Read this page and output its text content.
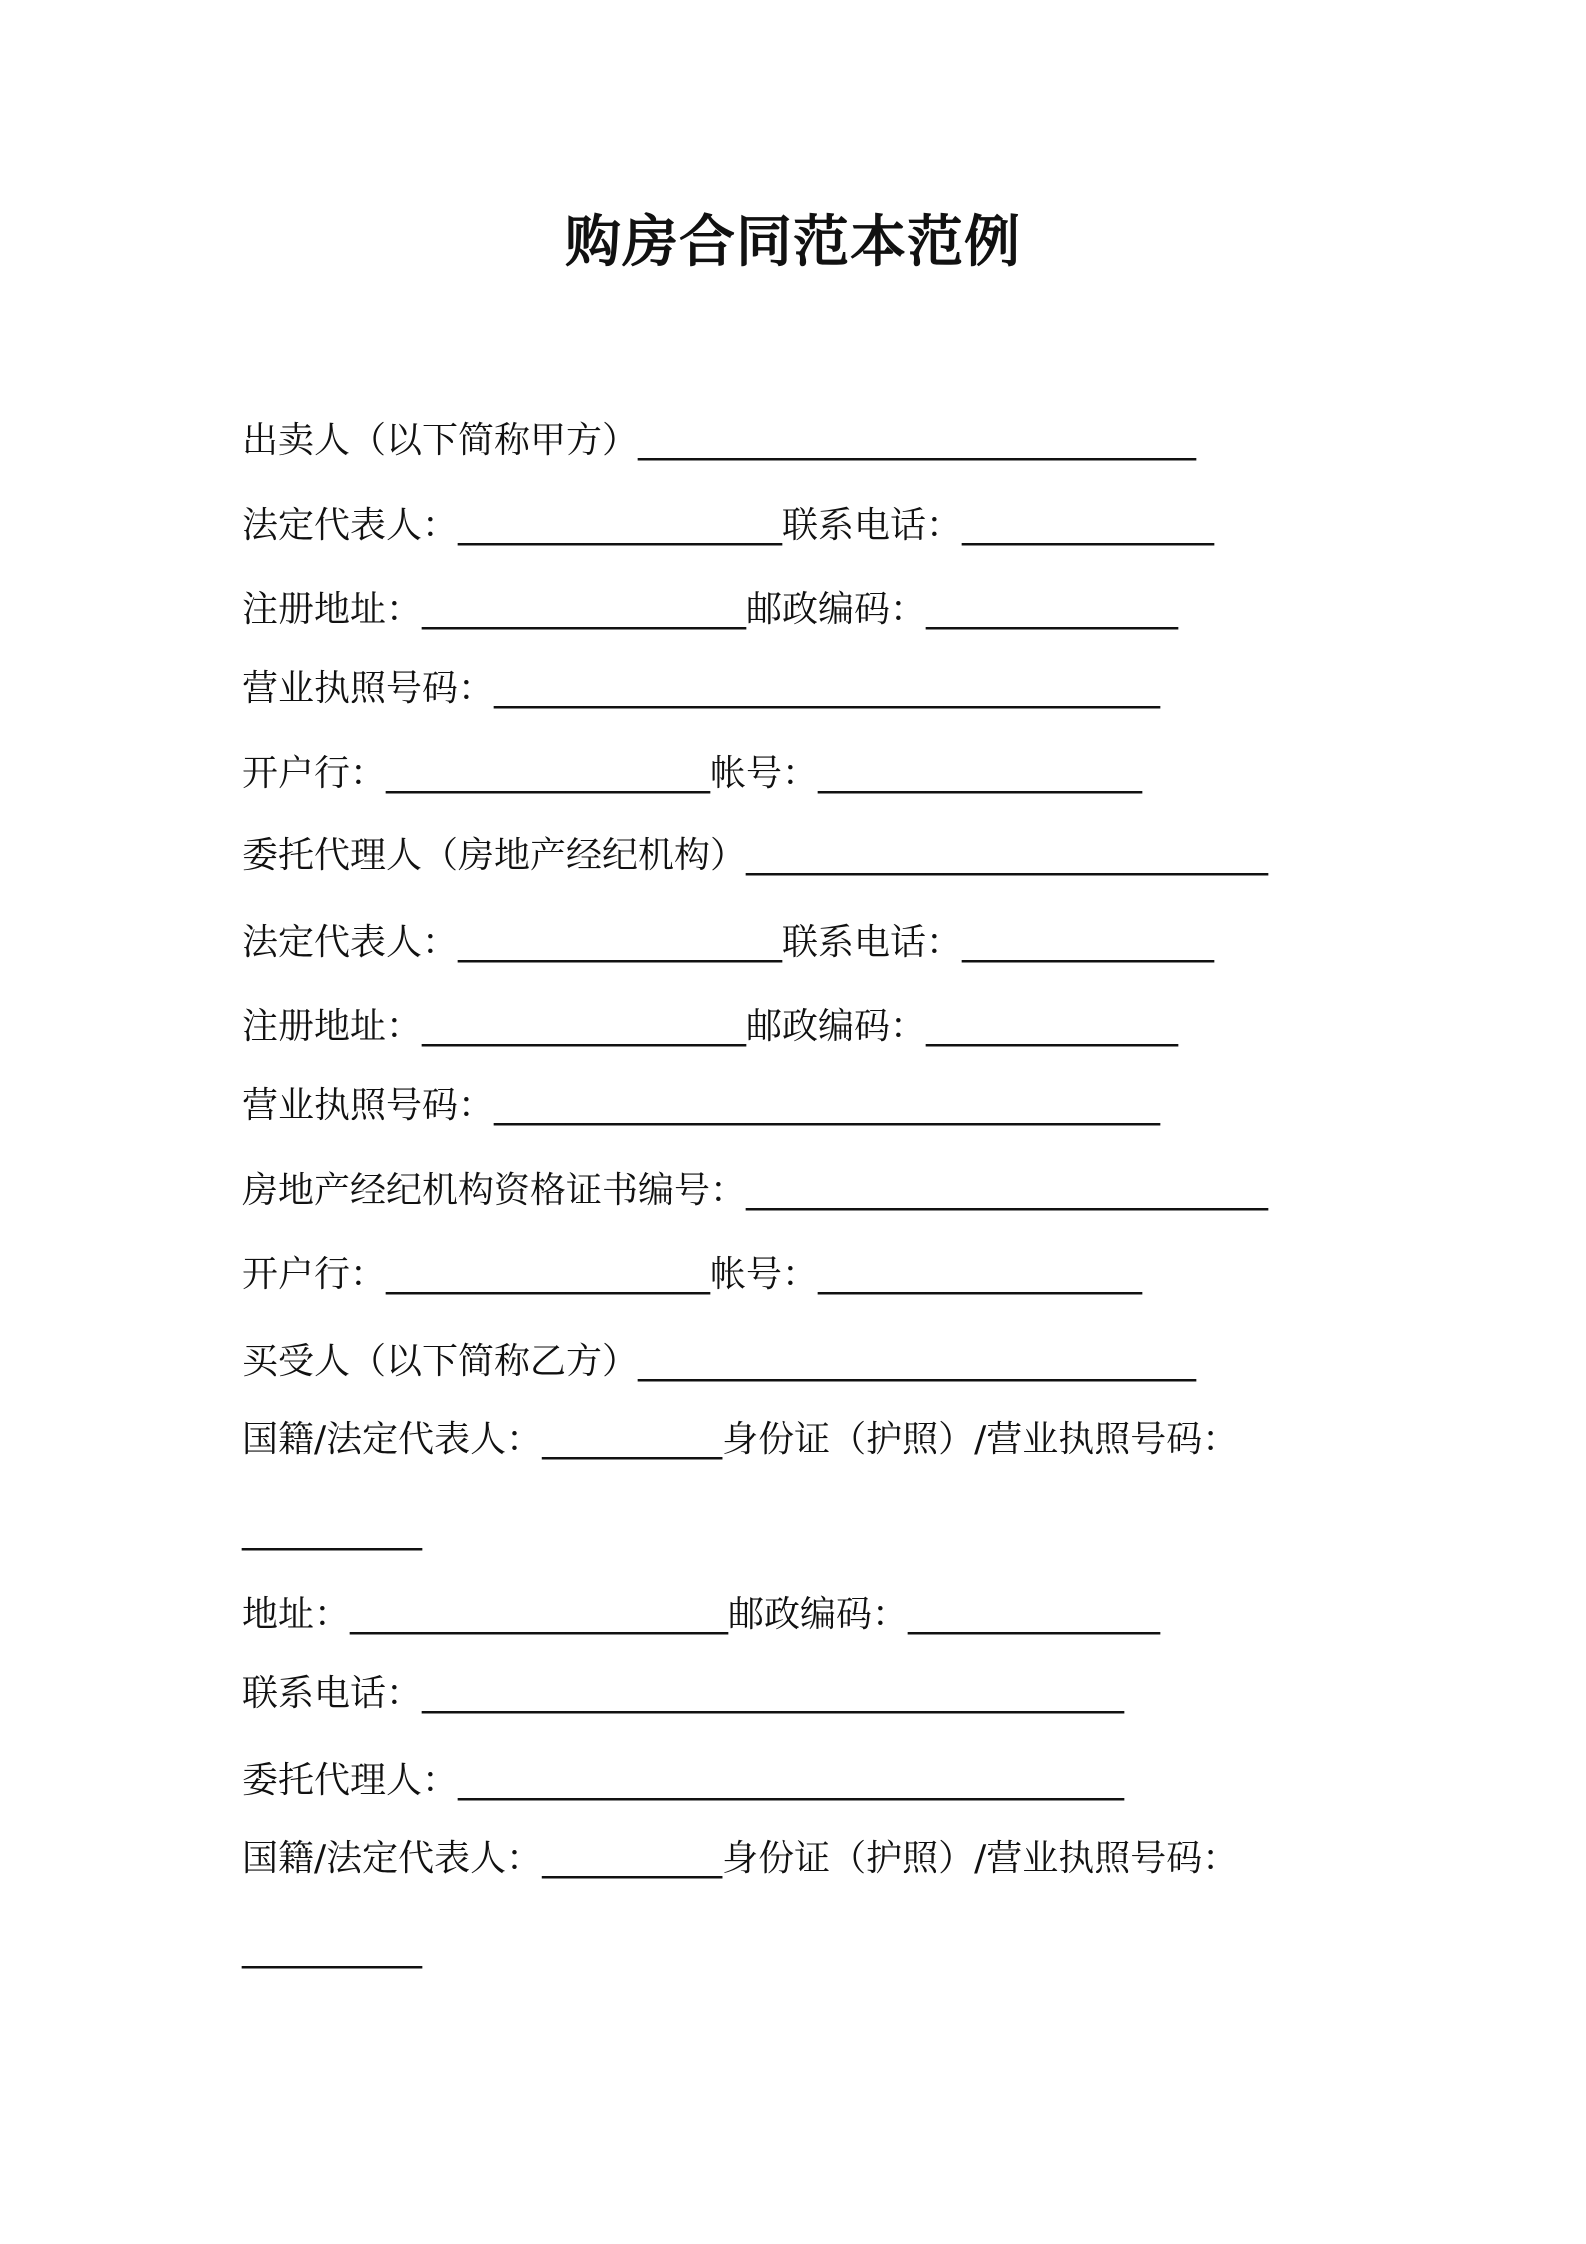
购房合同范本范例
出卖人（以下简称甲方）_______________________________
法定代表人：__________________联系电话：______________
注册地址：__________________邮政编码：______________
营业执照号码：_____________________________________
开户行：__________________帐号：__________________
委托代理人（房地产经纪机构）_____________________________
法定代表人：__________________联系电话：______________
注册地址：__________________邮政编码：______________
营业执照号码：_____________________________________
房地产经纪机构资格证书编号：_____________________________
开户行：__________________帐号：__________________
买受人（以下简称乙方）_______________________________
国籍/法定代表人：__________身份证（护照）/营业执照号码：
__________
地址：_____________________邮政编码：______________
联系电话：_______________________________________
委托代理人：_____________________________________
国籍/法定代表人：__________身份证（护照）/营业执照号码：
__________
